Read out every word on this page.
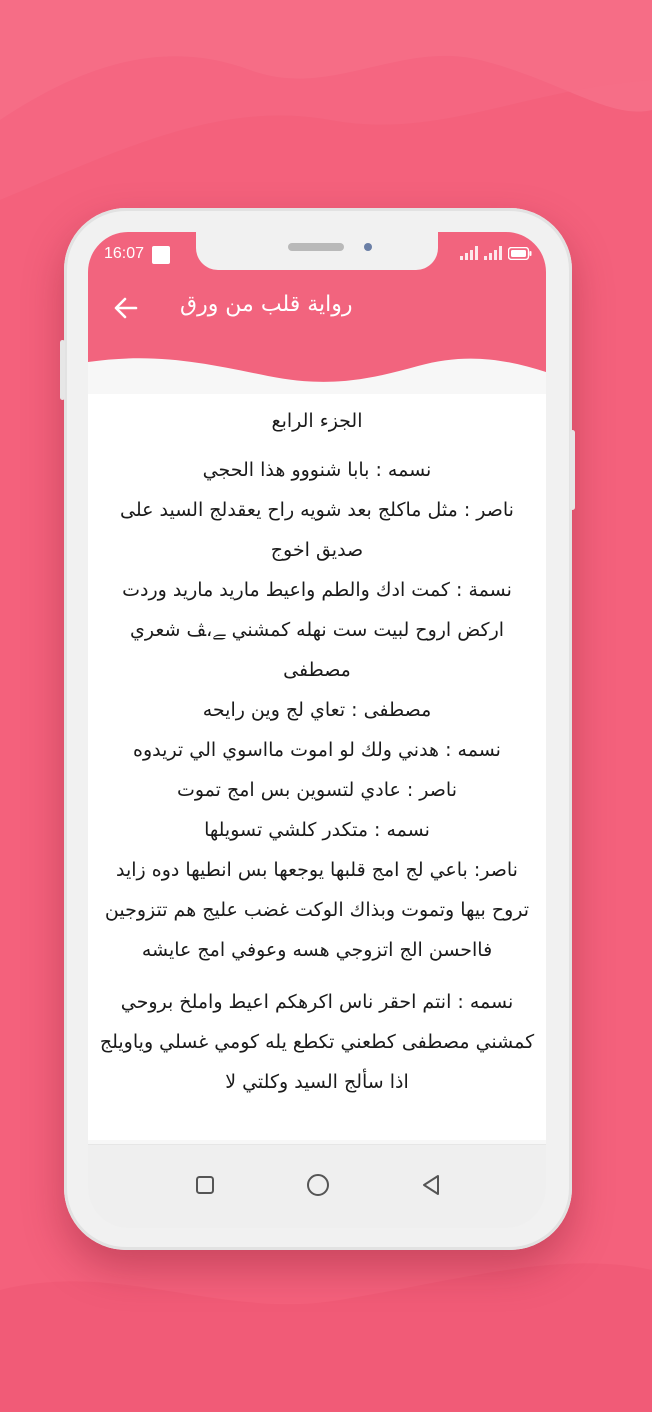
16:07
رواية قلب من ورق

الجزء الرابع

نسمه : بابا شنووو هذا الحجي
ناصر : مثل ماكلج بعد شويه راح يعقدلج السيد على صديق اخوج
نسمة : كمت ادك والطم واعيط ماريد ماريد وردت اركض اروح لبيت ست نهله كمشني ￼ﮯ،ﭫ شعري مصطفى
مصطفى : تعاي لج وين رايحه
نسمه : هدني ولك لو اموت مااسوي الي تريدوه
ناصر : عادي لتسوين بس امج تموت
نسمه : متكدر كلشي تسويلها
ناصر: باعي لج امج قلبها يوجعها بس انطيها دوه زايد تروح بيها وتموت وبذاك الوكت غضب عليج هم تتزوجين فااحسن الج اتزوجي هسه وعوفي امج عايشه

نسمه : انتم احقر ناس اكرهكم اعيط واملخ بروحي كمشني مصطفى كطعني تكطع يله كومي غسلي وياويلج اذا سألج السيد وكلتي لا
